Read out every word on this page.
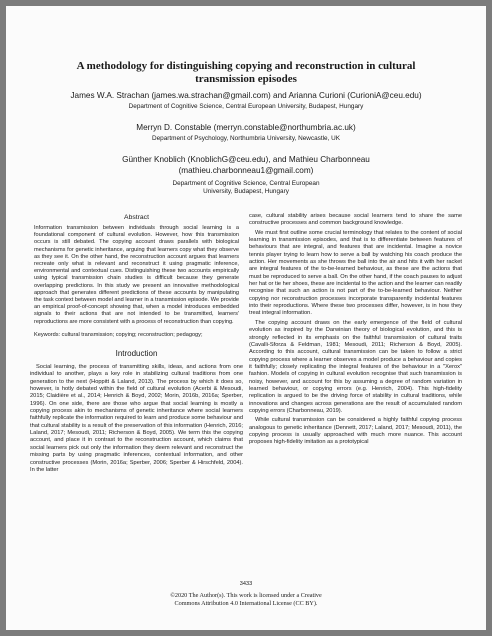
A methodology for distinguishing copying and reconstruction in cultural
transmission episodes
James W.A. Strachan (james.wa.strachan@gmail.com) and Arianna Curioni (CurioniA@ceu.edu)
Department of Cognitive Science, Central European University, Budapest, Hungary
Merryn D. Constable (merryn.constable@northumbria.ac.uk)
Department of Psychology, Northumbria University, Newcastle, UK
Günther Knoblich (KnoblichG@ceu.edu), and Mathieu Charbonneau
(mathieu.charbonneau1@gmail.com)
Department of Cognitive Science, Central European
University, Budapest, Hungary
Abstract
Information transmission between individuals through social learning is a foundational component of cultural evolution. However, how this transmission occurs is still debated. The copying account draws parallels with biological mechanisms for genetic inheritance, arguing that learners copy what they observe as they see it. On the other hand, the reconstruction account argues that learners recreate only what is relevant and reconstruct it using pragmatic inference, environmental and contextual cues. Distinguishing these two accounts empirically using typical transmission chain studies is difficult because they generate overlapping predictions. In this study we present an innovative methodological approach that generates different predictions of these accounts by manipulating the task context between model and learner in a transmission episode. We provide an empirical proof-of-concept showing that, when a model introduces embedded signals to their actions that are not intended to be transmitted, learners' reproductions are more consistent with a process of reconstruction than copying.
Keywords: cultural transmission; copying; reconstruction; pedagogy;
Introduction

Social learning, the process of transmitting skills, ideas, and actions from one individual to another, plays a key role in stabilizing cultural traditions from one generation to the next (Hoppitt & Laland, 2013). The process by which it does so, however, is hotly debated within the field of cultural evolution (Acerbi & Mesoudi, 2015; Claidière et al., 2014; Henrich & Boyd, 2002; Morin, 2016b, 2016a; Sperber, 1996). On one side, there are those who argue that social learning is mostly a copying process akin to mechanisms of genetic inheritance where social learners faithfully replicate the information required to learn and produce some behaviour and that cultural stability is a result of the preservation of this information (Henrich, 2016; Laland, 2017; Mesoudi, 2011; Richerson & Boyd, 2005). We term this the copying account, and place it in contrast to the reconstruction account, which claims that social learners pick out only the information they deem relevant and reconstruct the missing parts by using pragmatic inferences, contextual information, and other constructive processes (Morin, 2016a; Sperber, 2006; Sperber & Hirschfeld, 2004). In the latter

case, cultural stability arises because social learners tend to share the same constructive processes and common background knowledge.

We must first outline some crucial terminology that relates to the content of social learning in transmission episodes, and that is to differentiate between features of behaviours that are integral, and features that are incidental. Imagine a novice tennis player trying to learn how to serve a ball by watching his coach produce the action. Her movements as she throws the ball into the air and hits it with her racket are integral features of the to-be-learned behaviour, as these are the actions that must be reproduced to serve a ball. On the other hand, if the coach pauses to adjust her hat or tie her shoes, these are incidental to the action and the learner can readily recognise that such an action is not part of the to-be-learned behaviour. Neither copying nor reconstruction processes incorporate transparently incidental features into their reproductions. Where these two processes differ, however, is in how they treat integral information.

The copying account draws on the early emergence of the field of cultural evolution as inspired by the Darwinian theory of biological evolution, and this is strongly reflected in its emphasis on the faithful transmission of cultural traits (Cavalli-Sforza & Feldman, 1981; Mesoudi, 2011; Richerson & Boyd, 2005). According to this account, cultural transmission can be taken to follow a strict copying process where a learner observes a model produce a behaviour and copies it faithfully; closely replicating the integral features of the behaviour in a "Xerox" fashion. Models of copying in cultural evolution recognise that such transmission is noisy, however, and account for this by assuming a degree of random variation in learned behaviour, or copying errors (e.g. Henrich, 2004). This high-fidelity replication is argued to be the driving force of stability in cultural traditions, while innovations and changes across generations are the result of accumulated random copying errors (Charbonneau, 2019).

While cultural transmission can be considered a highly faithful copying process analogous to genetic inheritance (Dennett, 2017; Laland, 2017; Mesoudi, 2011), the copying process is usually approached with much more nuance. This account proposes high-fidelity imitation as a prototypical

3433
©2020 The Author(s). This work is licensed under a Creative
Commons Attribution 4.0 International License (CC BY).
